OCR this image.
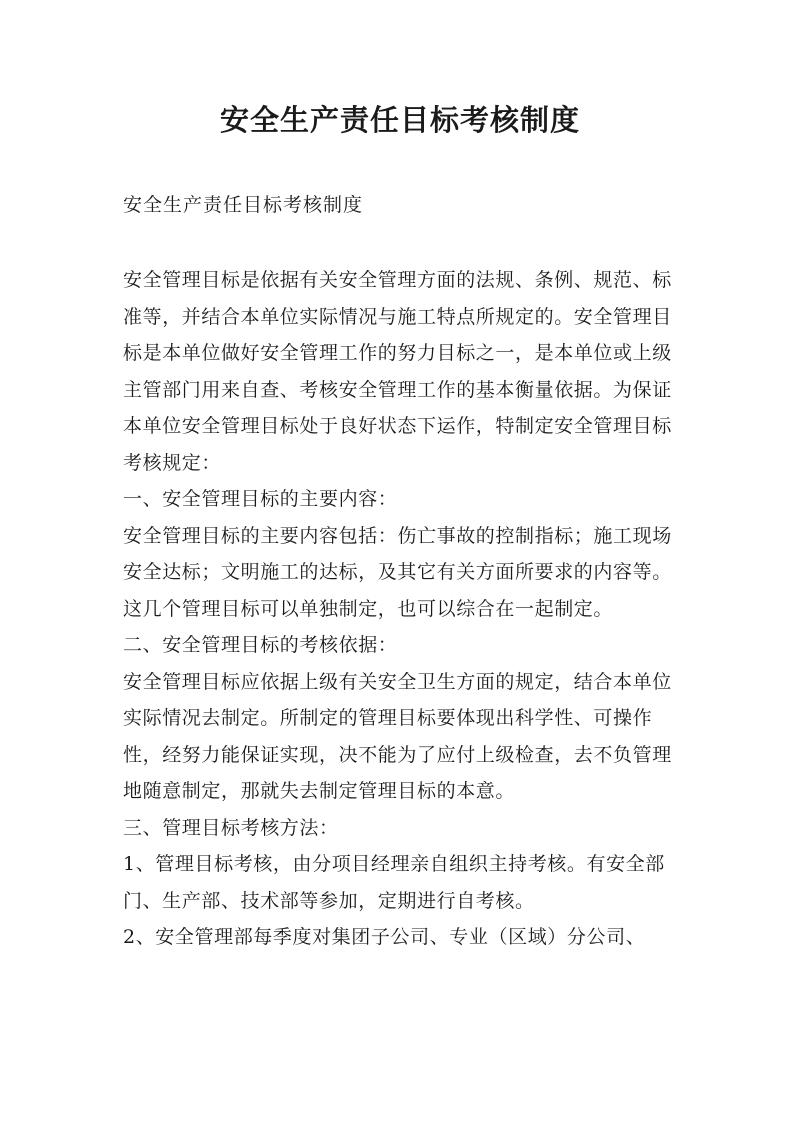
安全生产责任目标考核制度

安全生产责任目标考核制度

安全管理目标是依据有关安全管理方面的法规、条例、规范、标准等，并结合本单位实际情况与施工特点所规定的。安全管理目标是本单位做好安全管理工作的努力目标之一，是本单位或上级主管部门用来自查、考核安全管理工作的基本衡量依据。为保证本单位安全管理目标处于良好状态下运作，特制定安全管理目标考核规定：

一、安全管理目标的主要内容：

安全管理目标的主要内容包括：伤亡事故的控制指标；施工现场安全达标；文明施工的达标，及其它有关方面所要求的内容等。

这几个管理目标可以单独制定，也可以综合在一起制定。

二、安全管理目标的考核依据：

安全管理目标应依据上级有关安全卫生方面的规定，结合本单位实际情况去制定。所制定的管理目标要体现出科学性、可操作性，经努力能保证实现，决不能为了应付上级检查，去不负管理地随意制定，那就失去制定管理目标的本意。

三、管理目标考核方法：

1、管理目标考核，由分项目经理亲自组织主持考核。有安全部门、生产部、技术部等参加，定期进行自考核。

2、安全管理部每季度对集团子公司、专业（区域）分公司、
